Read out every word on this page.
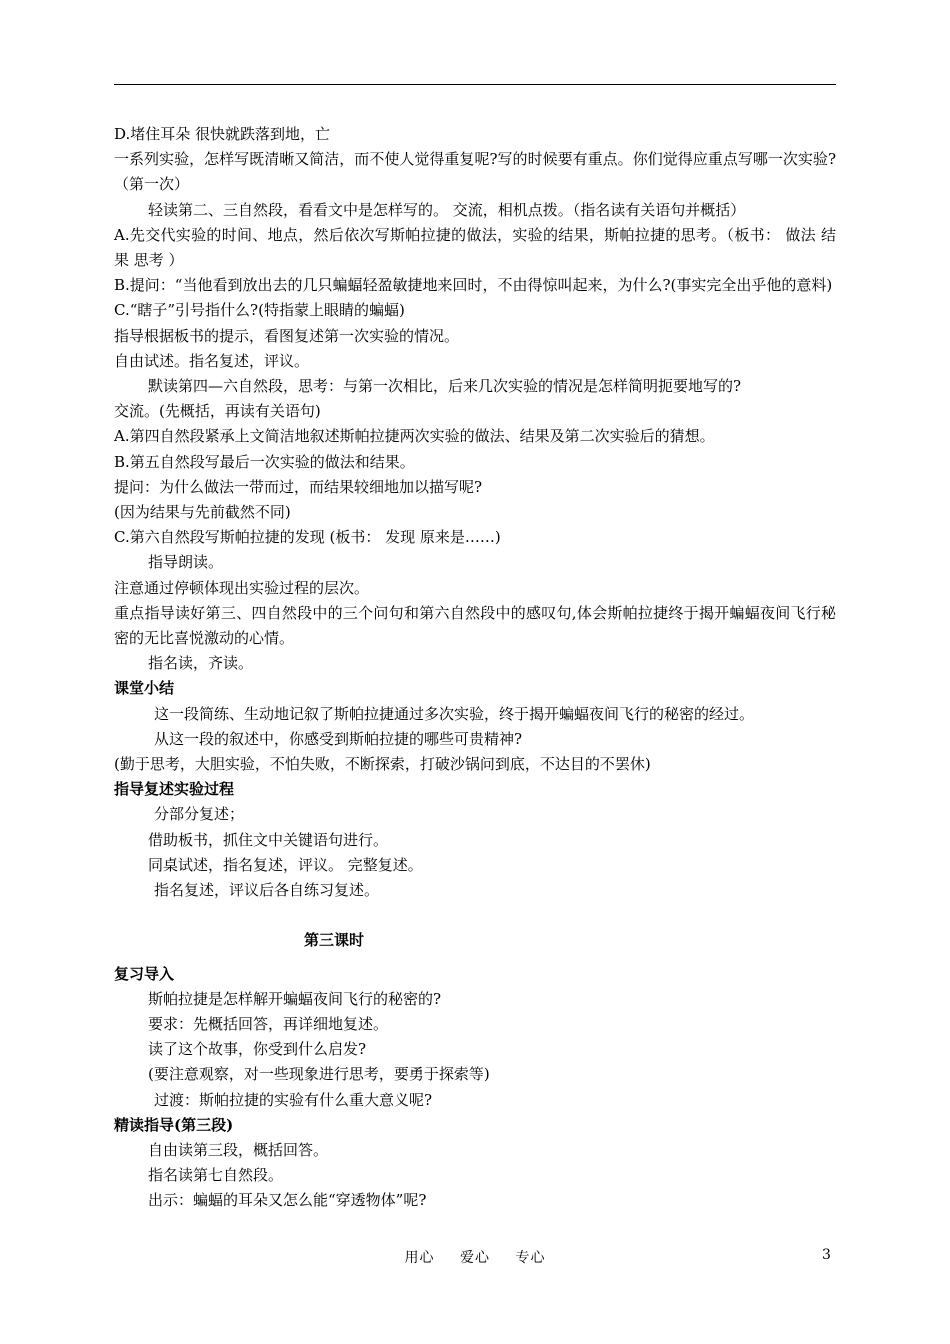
D.堵住耳朵 很快就跌落到地，亡

一系列实验，怎样写既清晰又简洁，而不使人觉得重复呢?写的时候要有重点。你们觉得应重点写哪一次实验?（第一次）

轻读第二、三自然段，看看文中是怎样写的。 交流，相机点拨。（指名读有关语句并概括）

A.先交代实验的时间、地点，然后依次写斯帕拉捷的做法，实验的结果，斯帕拉捷的思考。（板书： 做法 结果 思考 ）

B.提问：“当他看到放出去的几只蝙蝠轻盈敏捷地来回时，不由得惊叫起来，为什么?(事实完全出乎他的意料)

C.“瞎子”引号指什么?(特指蒙上眼睛的蝙蝠)

指导根据板书的提示，看图复述第一次实验的情况。

自由试述。指名复述，评议。

默读第四—六自然段，思考：与第一次相比，后来几次实验的情况是怎样简明扼要地写的?

交流。(先概括，再读有关语句)

A.第四自然段紧承上文简洁地叙述斯帕拉捷两次实验的做法、结果及第二次实验后的猜想。

B.第五自然段写最后一次实验的做法和结果。

提问：为什么做法一带而过，而结果较细地加以描写呢?

(因为结果与先前截然不同)

C.第六自然段写斯帕拉捷的发现 (板书： 发现 原来是……)

指导朗读。

注意通过停顿体现出实验过程的层次。

重点指导读好第三、四自然段中的三个问句和第六自然段中的感叹句,体会斯帕拉捷终于揭开蝙蝠夜间飞行秘密的无比喜悦激动的心情。

指名读，齐读。

课堂小结

这一段简练、生动地记叙了斯帕拉捷通过多次实验，终于揭开蝙蝠夜间飞行的秘密的经过。

从这一段的叙述中，你感受到斯帕拉捷的哪些可贵精神?

(勤于思考，大胆实验，不怕失败，不断探索，打破沙锅问到底，不达目的不罢休)

指导复述实验过程

分部分复述；

借助板书，抓住文中关键语句进行。

同桌试述，指名复述，评议。 完整复述。

指名复述，评议后各自练习复述。

第三课时

复习导入

斯帕拉捷是怎样解开蝙蝠夜间飞行的秘密的?

要求：先概括回答，再详细地复述。

读了这个故事，你受到什么启发?

(要注意观察，对一些现象进行思考，要勇于探索等)

过渡：斯帕拉捷的实验有什么重大意义呢?

精读指导(第三段)

自由读第三段，概括回答。

指名读第七自然段。

出示：蝙蝠的耳朵又怎么能“穿透物体”呢?

用心 爱心 专心	3
